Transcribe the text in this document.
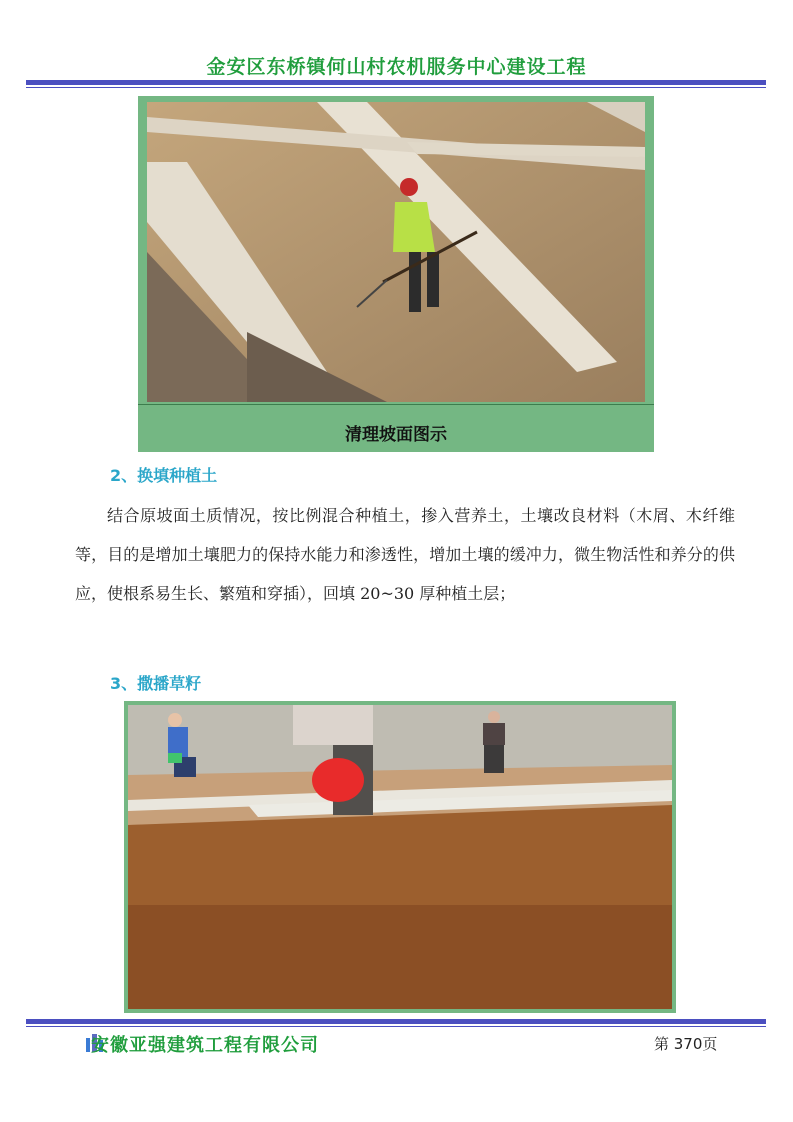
金安区东桥镇何山村农机服务中心建设工程
清理坡面图示
2、换填种植土
结合原坡面土质情况，按比例混合种植土，掺入营养土，土壤改良材料（木屑、木纤维等，目的是增加土壤肥力的保持水能力和渗透性，增加土壤的缓冲力，微生物活性和养分的供应，使根系易生长、繁殖和穿插），回填 20~30 厚种植土层；
3、撒播草籽
安徽亚强建筑工程有限公司	第 370页
